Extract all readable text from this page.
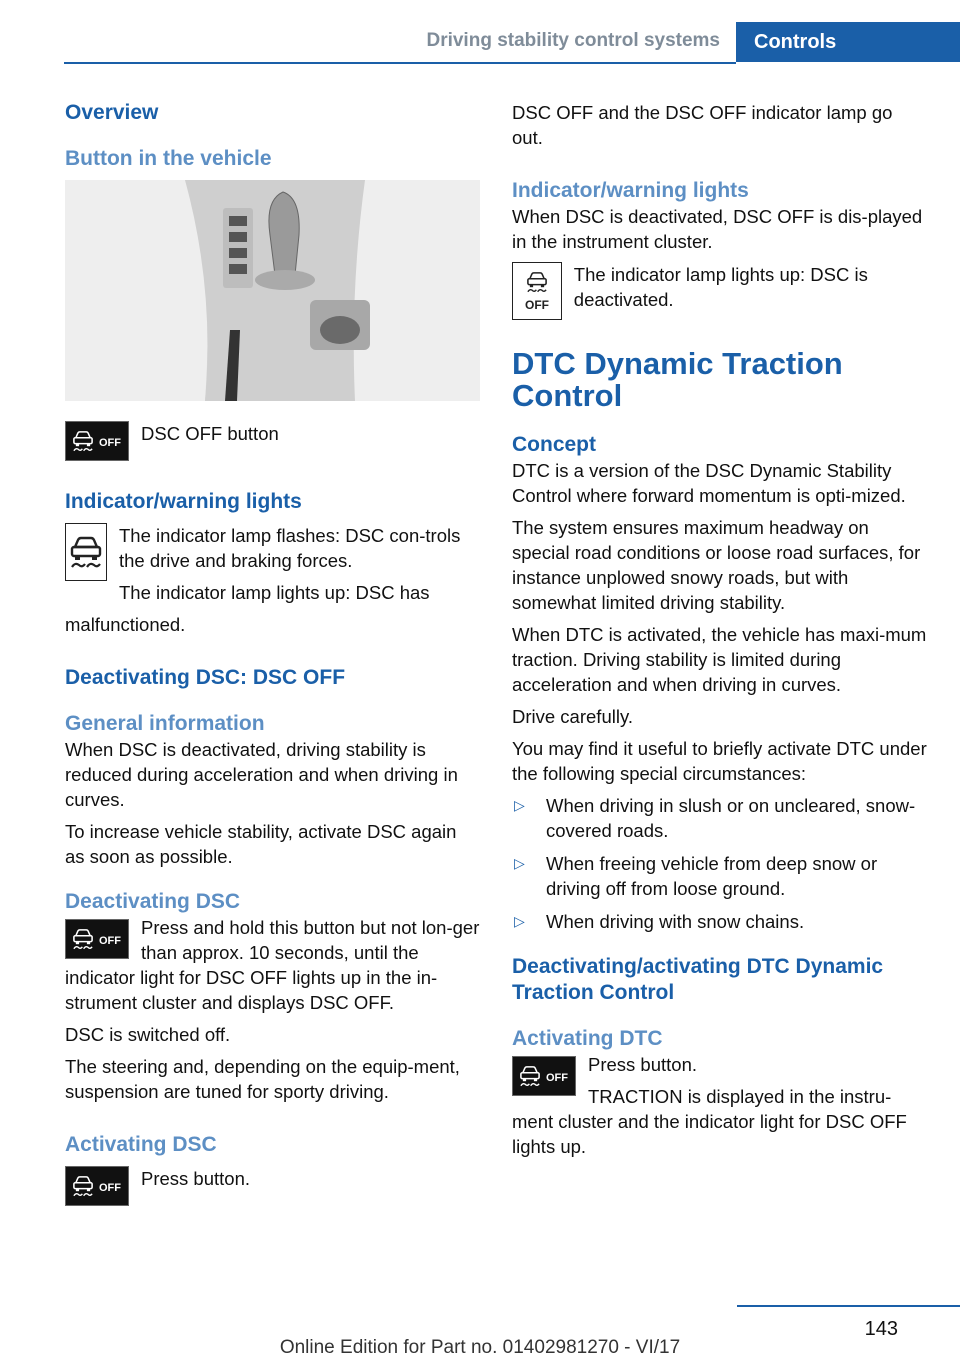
Driving stability control systems	Controls
Overview
Button in the vehicle
OFF	DSC OFF button
Indicator/warning lights

The indicator lamp flashes: DSC con-trols the drive and braking forces.

The indicator lamp lights up: DSC has

malfunctioned.

Deactivating DSC: DSC OFF
General information

When DSC is deactivated, driving stability is reduced during acceleration and when driving in curves.

To increase vehicle stability, activate DSC again as soon as possible.

Deactivating DSC
OFF

Press and hold this button but not lon-ger than approx. 10 seconds, until the indicator light for DSC OFF lights up in the in-strument cluster and displays DSC OFF.

DSC is switched off.

The steering and, depending on the equip-ment, suspension are tuned for sporty driving.

Activating DSC
OFF	Press button.

DSC OFF and the DSC OFF indicator lamp go out.

Indicator/warning lights

When DSC is deactivated, DSC OFF is dis-played in the instrument cluster.

OFF
The indicator lamp lights up: DSC is deactivated.
DTC Dynamic Traction Control
Concept

DTC is a version of the DSC Dynamic Stability Control where forward momentum is opti-mized.

The system ensures maximum headway on special road conditions or loose road surfaces, for instance unplowed snowy roads, but with somewhat limited driving stability.

When DTC is activated, the vehicle has maxi-mum traction. Driving stability is limited during acceleration and when driving in curves.

Drive carefully.

You may find it useful to briefly activate DTC under the following special circumstances:

▷ When driving in slush or on uncleared, snow-covered roads.
▷ When freeing vehicle from deep snow or driving off from loose ground.
▷ When driving with snow chains.
Deactivating/activating DTC Dynamic Traction Control
Activating DTC
OFF

Press button.

TRACTION is displayed in the instru-ment cluster and the indicator light for DSC OFF lights up.

143
Online Edition for Part no. 01402981270 - VI/17
